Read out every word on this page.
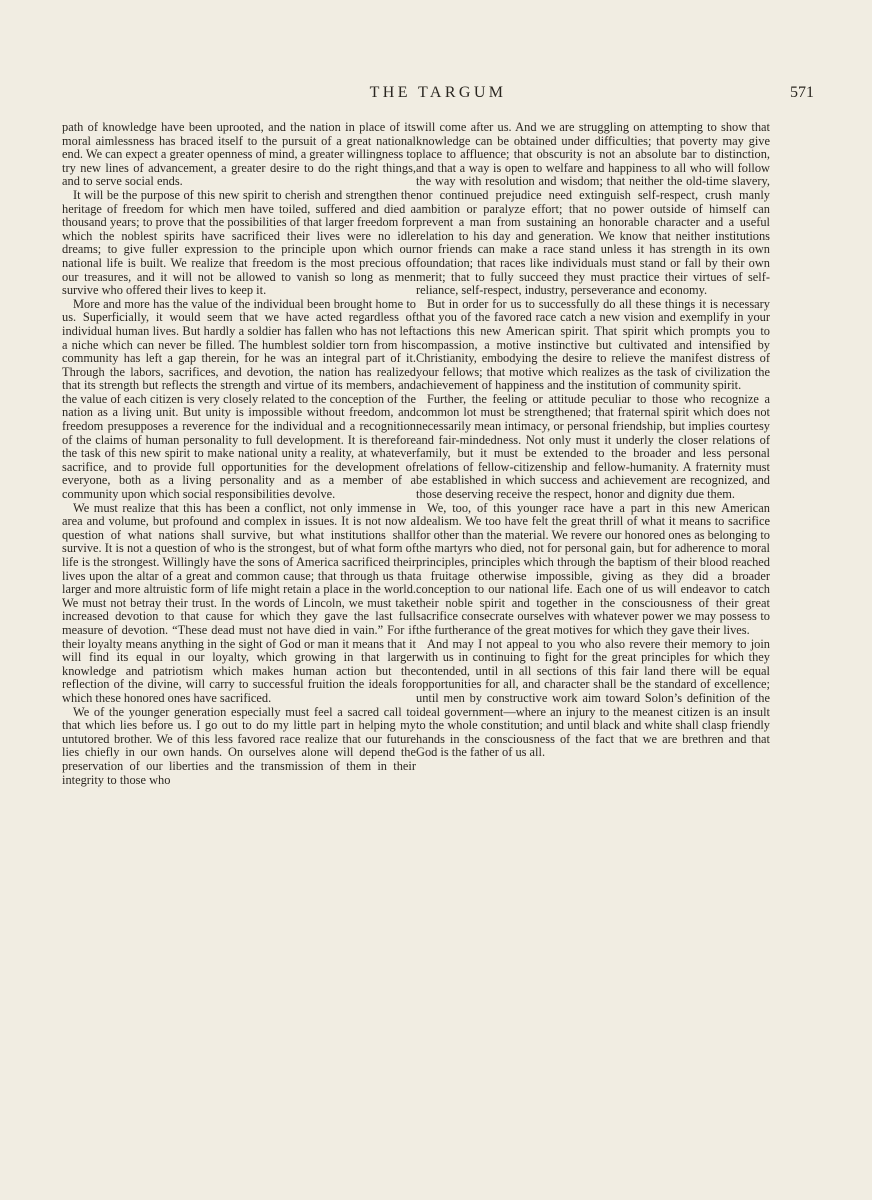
THE TARGUM	571

path of knowledge have been uprooted, and the nation in place of its moral aimlessness has braced itself to the pursuit of a great national end. We can expect a greater openness of mind, a greater willingness to try new lines of advancement, a greater desire to do the right things, and to serve social ends.

It will be the purpose of this new spirit to cherish and strengthen the heritage of freedom for which men have toiled, suffered and died a thousand years; to prove that the possibilities of that larger freedom for which the noblest spirits have sacrificed their lives were no idle dreams; to give fuller expression to the principle upon which our national life is built. We realize that freedom is the most precious of our treasures, and it will not be allowed to vanish so long as men survive who offered their lives to keep it.

More and more has the value of the individual been brought home to us. Superficially, it would seem that we have acted regardless of individual human lives. But hardly a soldier has fallen who has not left a niche which can never be filled. The humblest soldier torn from his community has left a gap therein, for he was an integral part of it. Through the labors, sacrifices, and devotion, the nation has realized that its strength but reflects the strength and virtue of its members, and the value of each citizen is very closely related to the conception of the nation as a living unit. But unity is impossible without freedom, and freedom presupposes a reverence for the individual and a recognition of the claims of human personality to full development. It is therefore the task of this new spirit to make national unity a reality, at whatever sacrifice, and to provide full opportunities for the development of everyone, both as a living personality and as a member of a community upon which social responsibilities devolve.

We must realize that this has been a conflict, not only immense in area and volume, but profound and complex in issues. It is not now a question of what nations shall survive, but what institutions shall survive. It is not a question of who is the strongest, but of what form of life is the strongest. Willingly have the sons of America sacrificed their lives upon the altar of a great and common cause; that through us that larger and more altruistic form of life might retain a place in the world. We must not betray their trust. In the words of Lincoln, we must take increased devotion to that cause for which they gave the last full measure of devotion. “These dead must not have died in vain.” For if their loyalty means anything in the sight of God or man it means that it will find its equal in our loyalty, which growing in that larger knowledge and patriotism which makes human action but the reflection of the divine, will carry to successful fruition the ideals for which these honored ones have sacrificed.

We of the younger generation especially must feel a sacred call to that which lies before us. I go out to do my little part in helping my untutored brother. We of this less favored race realize that our future lies chiefly in our own hands. On ourselves alone will depend the preservation of our liberties and the transmission of them in their integrity to those who

will come after us. And we are struggling on attempting to show that knowledge can be obtained under difficulties; that poverty may give place to affluence; that obscurity is not an absolute bar to distinction, and that a way is open to welfare and happiness to all who will follow the way with resolution and wisdom; that neither the old-time slavery, nor continued prejudice need extinguish self-respect, crush manly ambition or paralyze effort; that no power outside of himself can prevent a man from sustaining an honorable character and a useful relation to his day and generation. We know that neither institutions nor friends can make a race stand unless it has strength in its own foundation; that races like individuals must stand or fall by their own merit; that to fully succeed they must practice their virtues of self-reliance, self-respect, industry, perseverance and economy.

But in order for us to successfully do all these things it is necessary that you of the favored race catch a new vision and exemplify in your actions this new American spirit. That spirit which prompts you to compassion, a motive instinctive but cultivated and intensified by Christianity, embodying the desire to relieve the manifest distress of your fellows; that motive which realizes as the task of civilization the achievement of happiness and the institution of community spirit.

Further, the feeling or attitude peculiar to those who recognize a common lot must be strengthened; that fraternal spirit which does not necessarily mean intimacy, or personal friendship, but implies courtesy and fair-mindedness. Not only must it underly the closer relations of family, but it must be extended to the broader and less personal relations of fellow-citizenship and fellow-humanity. A fraternity must be established in which success and achievement are recognized, and those deserving receive the respect, honor and dignity due them.

We, too, of this younger race have a part in this new American Idealism. We too have felt the great thrill of what it means to sacrifice for other than the material. We revere our honored ones as belonging to the martyrs who died, not for personal gain, but for adherence to moral principles, principles which through the baptism of their blood reached a fruitage otherwise impossible, giving as they did a broader conception to our national life. Each one of us will endeavor to catch their noble spirit and together in the consciousness of their great sacrifice consecrate ourselves with whatever power we may possess to the furtherance of the great motives for which they gave their lives.

And may I not appeal to you who also revere their memory to join with us in continuing to fight for the great principles for which they contended, until in all sections of this fair land there will be equal opportunities for all, and character shall be the standard of excellence; until men by constructive work aim toward Solon’s definition of the ideal government—where an injury to the meanest citizen is an insult to the whole constitution; and until black and white shall clasp friendly hands in the consciousness of the fact that we are brethren and that God is the father of us all.
